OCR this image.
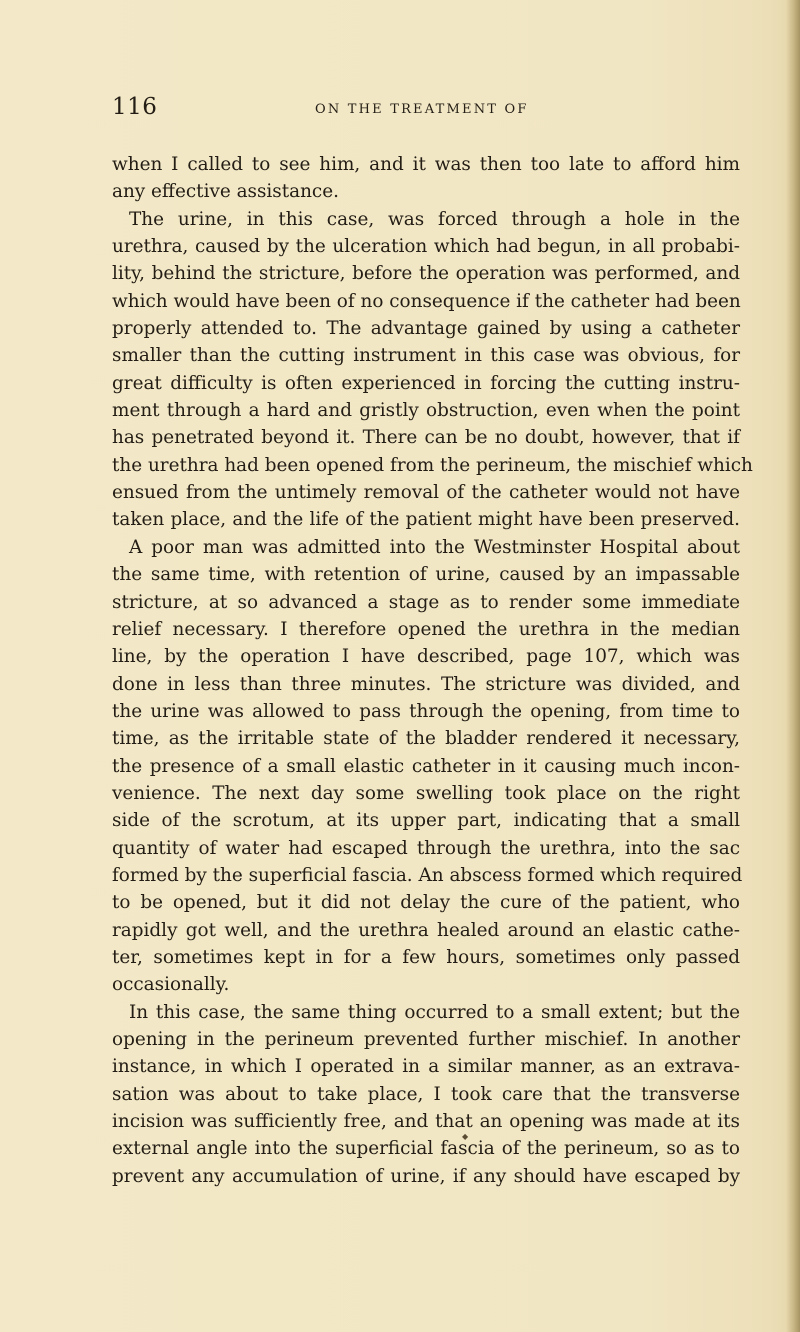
116	ON THE TREATMENT OF
when I called to see him, and it was then too late to afford him
any effective assistance.
The urine, in this case, was forced through a hole in the
urethra, caused by the ulceration which had begun, in all probabi-
lity, behind the stricture, before the operation was performed, and
which would have been of no consequence if the catheter had been
properly attended to. The advantage gained by using a catheter
smaller than the cutting instrument in this case was obvious, for
great difficulty is often experienced in forcing the cutting instru-
ment through a hard and gristly obstruction, even when the point
has penetrated beyond it. There can be no doubt, however, that if
the urethra had been opened from the perineum, the mischief which
ensued from the untimely removal of the catheter would not have
taken place, and the life of the patient might have been preserved.
A poor man was admitted into the Westminster Hospital about
the same time, with retention of urine, caused by an impassable
stricture, at so advanced a stage as to render some immediate
relief necessary. I therefore opened the urethra in the median
line, by the operation I have described, page 107, which was
done in less than three minutes. The stricture was divided, and
the urine was allowed to pass through the opening, from time to
time, as the irritable state of the bladder rendered it necessary,
the presence of a small elastic catheter in it causing much incon-
venience. The next day some swelling took place on the right
side of the scrotum, at its upper part, indicating that a small
quantity of water had escaped through the urethra, into the sac
formed by the superficial fascia. An abscess formed which required
to be opened, but it did not delay the cure of the patient, who
rapidly got well, and the urethra healed around an elastic cathe-
ter, sometimes kept in for a few hours, sometimes only passed
occasionally.
In this case, the same thing occurred to a small extent; but the
opening in the perineum prevented further mischief. In another
instance, in which I operated in a similar manner, as an extrava-
sation was about to take place, I took care that the transverse
incision was sufficiently free, and that an opening was made at its
external angle into the superficial fascia of the perineum, so as to
prevent any accumulation of urine, if any should have escaped by
◆
